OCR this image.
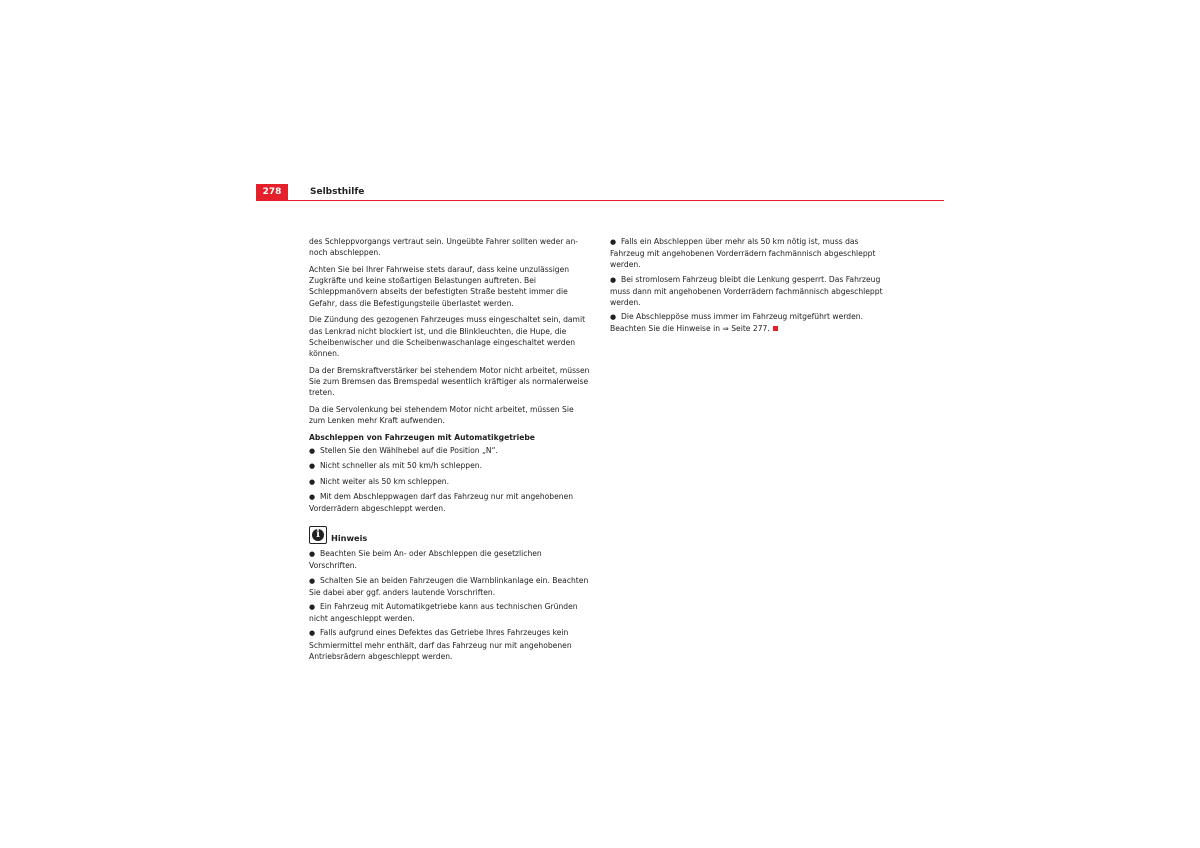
278	Selbsthilfe

des Schleppvorgangs vertraut sein. Ungeübte Fahrer sollten weder an- noch abschleppen.

Achten Sie bei Ihrer Fahrweise stets darauf, dass keine unzulässigen Zugkräfte und keine stoßartigen Belastungen auftreten. Bei Schleppmanövern abseits der befestigten Straße besteht immer die Gefahr, dass die Befestigungsteile überlastet werden.

Die Zündung des gezogenen Fahrzeuges muss eingeschaltet sein, damit das Lenkrad nicht blockiert ist, und die Blinkleuchten, die Hupe, die Scheibenwischer und die Scheibenwaschanlage eingeschaltet werden können.

Da der Bremskraftverstärker bei stehendem Motor nicht arbeitet, müssen Sie zum Bremsen das Bremspedal wesentlich kräftiger als normalerweise treten.

Da die Servolenkung bei stehendem Motor nicht arbeitet, müssen Sie zum Lenken mehr Kraft aufwenden.

Abschleppen von Fahrzeugen mit Automatikgetriebe

● Stellen Sie den Wählhebel auf die Position „N“.

● Nicht schneller als mit 50 km/h schleppen.

● Nicht weiter als 50 km schleppen.

● Mit dem Abschleppwagen darf das Fahrzeug nur mit angehobenen Vorderrädern abgeschleppt werden.

i	Hinweis

● Beachten Sie beim An- oder Abschleppen die gesetzlichen Vorschriften.

● Schalten Sie an beiden Fahrzeugen die Warnblinkanlage ein. Beachten Sie dabei aber ggf. anders lautende Vorschriften.

● Ein Fahrzeug mit Automatikgetriebe kann aus technischen Gründen nicht angeschleppt werden.

● Falls aufgrund eines Defektes das Getriebe Ihres Fahrzeuges kein Schmiermittel mehr enthält, darf das Fahrzeug nur mit angehobenen Antriebsrädern abgeschleppt werden.

● Falls ein Abschleppen über mehr als 50 km nötig ist, muss das Fahrzeug mit angehobenen Vorderrädern fachmännisch abgeschleppt werden.

● Bei stromlosem Fahrzeug bleibt die Lenkung gesperrt. Das Fahrzeug muss dann mit angehobenen Vorderrädern fachmännisch abgeschleppt werden.

● Die Abschleppöse muss immer im Fahrzeug mitgeführt werden. Beachten Sie die Hinweise in ⇒ Seite 277.
